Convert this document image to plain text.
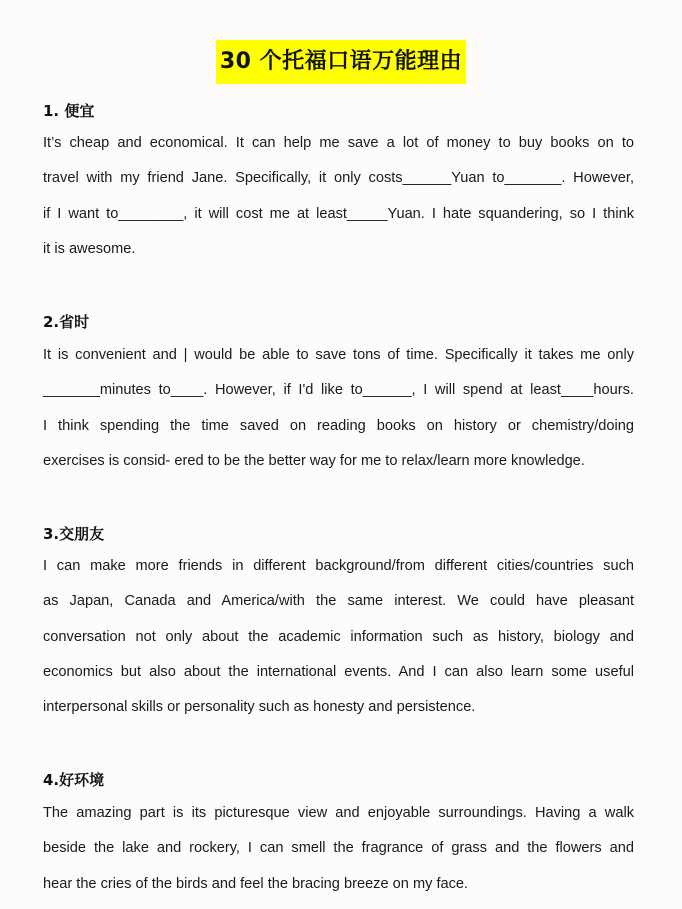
30 个托福口语万能理由
1. 便宜
It’s cheap and economical. It can help me save a lot of money to buy books on to
travel with my friend Jane. Specifically, it only costs______Yuan to_______. However,
if I want to________, it will cost me at least_____Yuan. I hate squandering, so I think
it is awesome.
2.省时
It is convenient and | would be able to save tons of time. Specifically it takes me only
_______minutes to____. However, if I'd like to______, I will spend at least____hours.
I think spending the time saved on reading books on history or chemistry/doing
exercises is consid- ered to be the better way for me to relax/learn more knowledge.
3.交朋友
I can make more friends in different background/from different cities/countries such
as Japan, Canada and America/with the same interest. We could have pleasant
conversation not only about the academic information such as history, biology and
economics but also about the international events. And I can also learn some useful
interpersonal skills or personality such as honesty and persistence.
4.好环境
The amazing part is its picturesque view and enjoyable surroundings. Having a walk
beside the lake and rockery, I can smell the fragrance of grass and the flowers and
hear the cries of the birds and feel the bracing breeze on my face.
